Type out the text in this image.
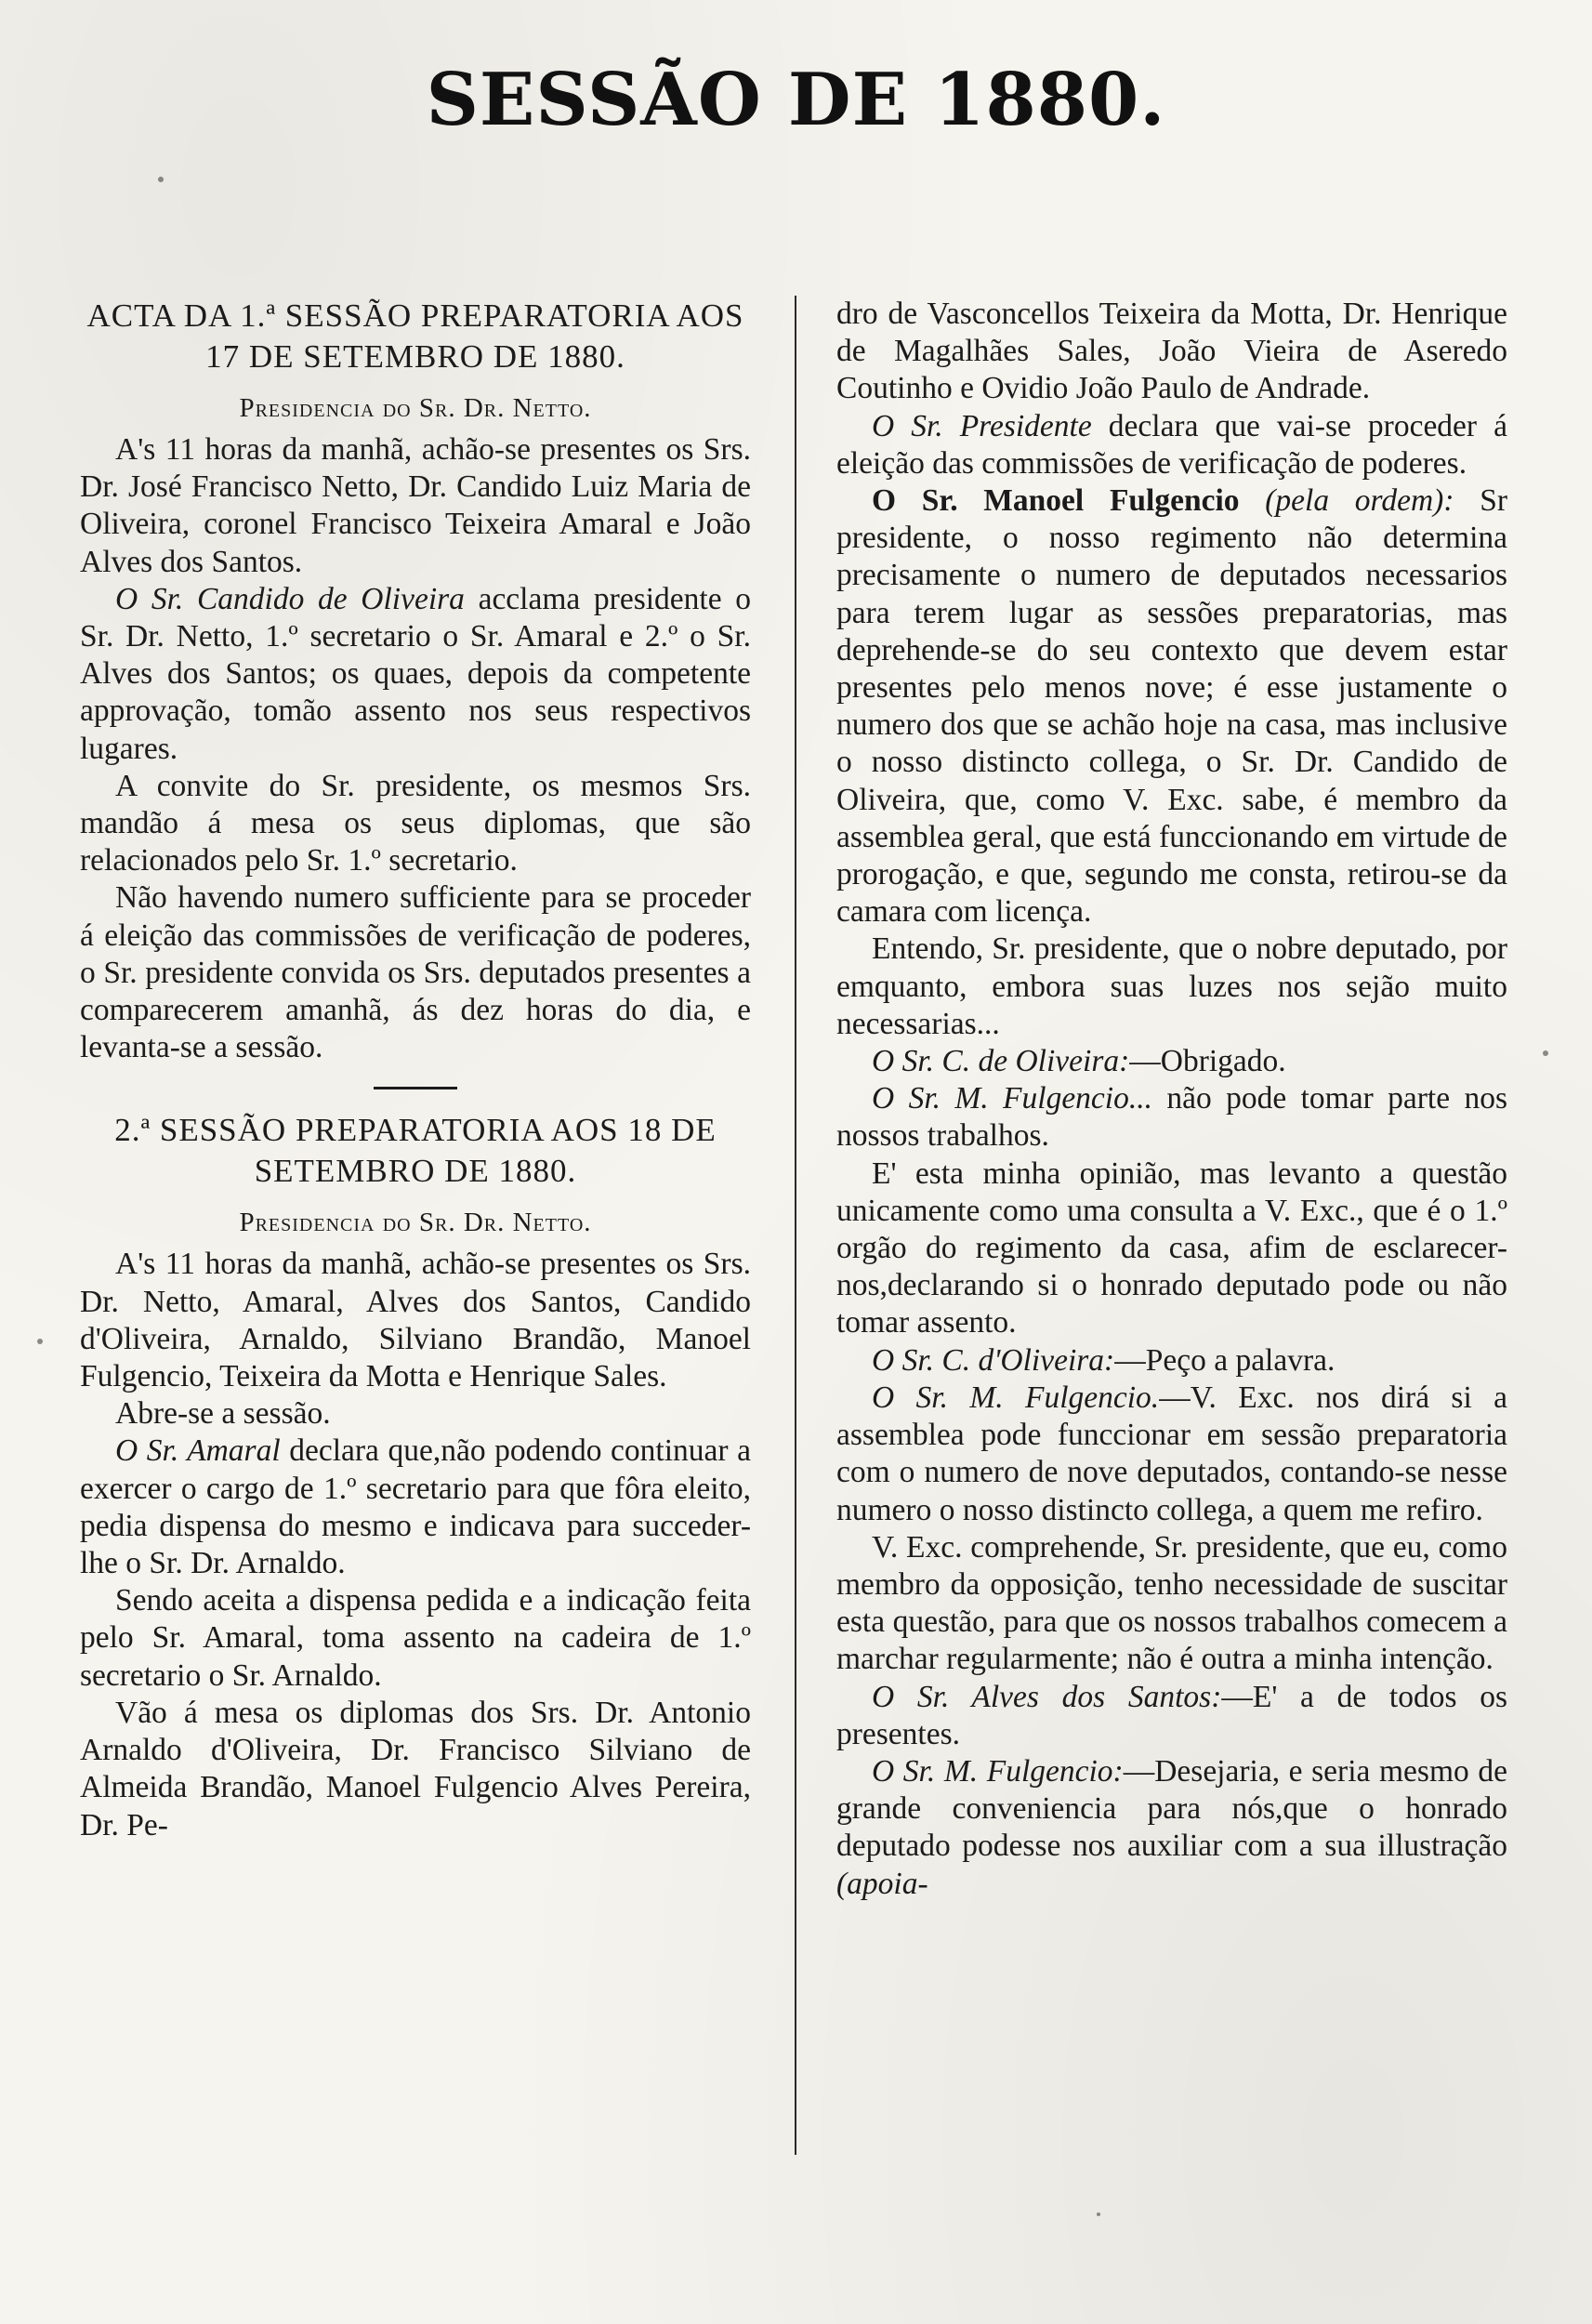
SESSÃO DE 1880.
ACTA DA 1.ª SESSÃO PREPARATORIA AOS 17 DE SETEMBRO DE 1880.
Presidencia do Sr. Dr. Netto.

A's 11 horas da manhã, achão-se presentes os Srs. Dr. José Francisco Netto, Dr. Candido Luiz Maria de Oliveira, coronel Francisco Teixeira Amaral e João Alves dos Santos.

O Sr. Candido de Oliveira acclama presidente o Sr. Dr. Netto, 1.º secretario o Sr. Amaral e 2.º o Sr. Alves dos Santos; os quaes, depois da competente approvação, tomão assento nos seus respectivos lugares.

A convite do Sr. presidente, os mesmos Srs. mandão á mesa os seus diplomas, que são relacionados pelo Sr. 1.º secretario.

Não havendo numero sufficiente para se proceder á eleição das commissões de verificação de poderes, o Sr. presidente convida os Srs. deputados presentes a comparecerem amanhã, ás dez horas do dia, e levanta-se a sessão.

2.ª SESSÃO PREPARATORIA AOS 18 DE SETEMBRO DE 1880.
Presidencia do Sr. Dr. Netto.

A's 11 horas da manhã, achão-se presentes os Srs. Dr. Netto, Amaral, Alves dos Santos, Candido d'Oliveira, Arnaldo, Silviano Brandão, Manoel Fulgencio, Teixeira da Motta e Henrique Sales.

Abre-se a sessão.

O Sr. Amaral declara que,não podendo continuar a exercer o cargo de 1.º secretario para que fôra eleito, pedia dispensa do mesmo e indicava para succeder-lhe o Sr. Dr. Arnaldo.

Sendo aceita a dispensa pedida e a indicação feita pelo Sr. Amaral, toma assento na cadeira de 1.º secretario o Sr. Arnaldo.

Vão á mesa os diplomas dos Srs. Dr. Antonio Arnaldo d'Oliveira, Dr. Francisco Silviano de Almeida Brandão, Manoel Fulgencio Alves Pereira, Dr. Pe-

dro de Vasconcellos Teixeira da Motta, Dr. Henrique de Magalhães Sales, João Vieira de Aseredo Coutinho e Ovidio João Paulo de Andrade.

O Sr. Presidente declara que vai-se proceder á eleição das commissões de verificação de poderes.

O Sr. Manoel Fulgencio (pela ordem): Sr presidente, o nosso regimento não determina precisamente o numero de deputados necessarios para terem lugar as sessões preparatorias, mas deprehende-se do seu contexto que devem estar presentes pelo menos nove; é esse justamente o numero dos que se achão hoje na casa, mas inclusive o nosso distincto collega, o Sr. Dr. Candido de Oliveira, que, como V. Exc. sabe, é membro da assemblea geral, que está funccionando em virtude de prorogação, e que, segundo me consta, retirou-se da camara com licença.

Entendo, Sr. presidente, que o nobre deputado, por emquanto, embora suas luzes nos sejão muito necessarias...

O Sr. C. de Oliveira:—Obrigado.

O Sr. M. Fulgencio... não pode tomar parte nos nossos trabalhos.

E' esta minha opinião, mas levanto a questão unicamente como uma consulta a V. Exc., que é o 1.º orgão do regimento da casa, afim de esclarecer-nos,declarando si o honrado deputado pode ou não tomar assento.

O Sr. C. d'Oliveira:—Peço a palavra.

O Sr. M. Fulgencio.—V. Exc. nos dirá si a assemblea pode funccionar em sessão preparatoria com o numero de nove deputados, contando-se nesse numero o nosso distincto collega, a quem me refiro.

V. Exc. comprehende, Sr. presidente, que eu, como membro da opposição, tenho necessidade de suscitar esta questão, para que os nossos trabalhos comecem a marchar regularmente; não é outra a minha intenção.

O Sr. Alves dos Santos:—E' a de todos os presentes.

O Sr. M. Fulgencio:—Desejaria, e seria mesmo de grande conveniencia para nós,que o honrado deputado podesse nos auxiliar com a sua illustração (apoia-
